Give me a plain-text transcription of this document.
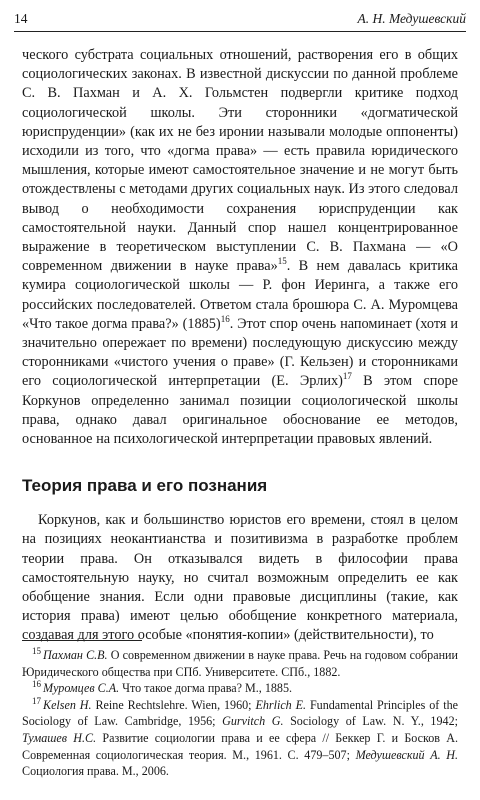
14	А. Н. Медушевский

ческого субстрата социальных отношений, растворения его в общих социологических законах. В известной дискуссии по данной проблеме С. В. Пахман и А. Х. Гольмстен подвергли критике подход социологической школы. Эти сторонники «догматической юриспруденции» (как их не без иронии называли молодые оппоненты) исходили из того, что «догма права» — есть правила юридического мышления, которые имеют самостоятельное значение и не могут быть отождествлены с методами других социальных наук. Из этого следовал вывод о необходимости сохранения юриспруденции как самостоятельной науки. Данный спор нашел концентрированное выражение в теоретическом выступлении С. В. Пахмана — «О современном движении в науке права»$^{15}$. В нем давалась критика кумира социологической школы — Р. фон Иеринга, а также его российских последователей. Ответом стала брошюра С. А. Муромцева «Что такое догма права?» $(1885)^{16}$. Этот спор очень напоминает (хотя и значительно опережает по времени) последующую дискуссию между сторонниками «чистого учения о праве» (Г. Кельзен) и сторонниками его социологической интерпретации (Е. Эрлих)$^{17}$ В этом споре Коркунов определенно занимал позиции социологической школы права, однако давал оригинальное обоснование ее методов, основанное на психологической интерпретации правовых явлений.

Теория права и его познания

Коркунов, как и большинство юристов его времени, стоял в целом на позициях неокантианства и позитивизма в разработке проблем теории права. Он отказывался видеть в философии права самостоятельную науку, но считал возможным определить ее как обобщение знания. Если одни правовые дисциплины (такие, как история права) имеют целью обобщение конкретного материала, создавая для этого особые «понятия-копии» (действительности), то

$^{15}$ Пахман С.В. О современном движении в науке права. Речь на годовом собрании Юридического общества при СПб. Университете. СПб., 1882.

$^{16}$ Муромцев С.А. Что такое догма права? М., 1885.

$^{17}$ Kelsen H. Reine Rechtslehre. Wien, 1960; Ehrlich E. Fundamental Principles of the Sociology of Law. Cambridge, 1956; Gurvitch G. Sociology of Law. N. Y., 1942; Тумашев Н.С. Развитие социологии права и ее сфера // Беккер Г. и Босков А. Современная социологическая теория. М., 1961. С. 479–507; Медушевский А. Н. Социология права. М., 2006.
